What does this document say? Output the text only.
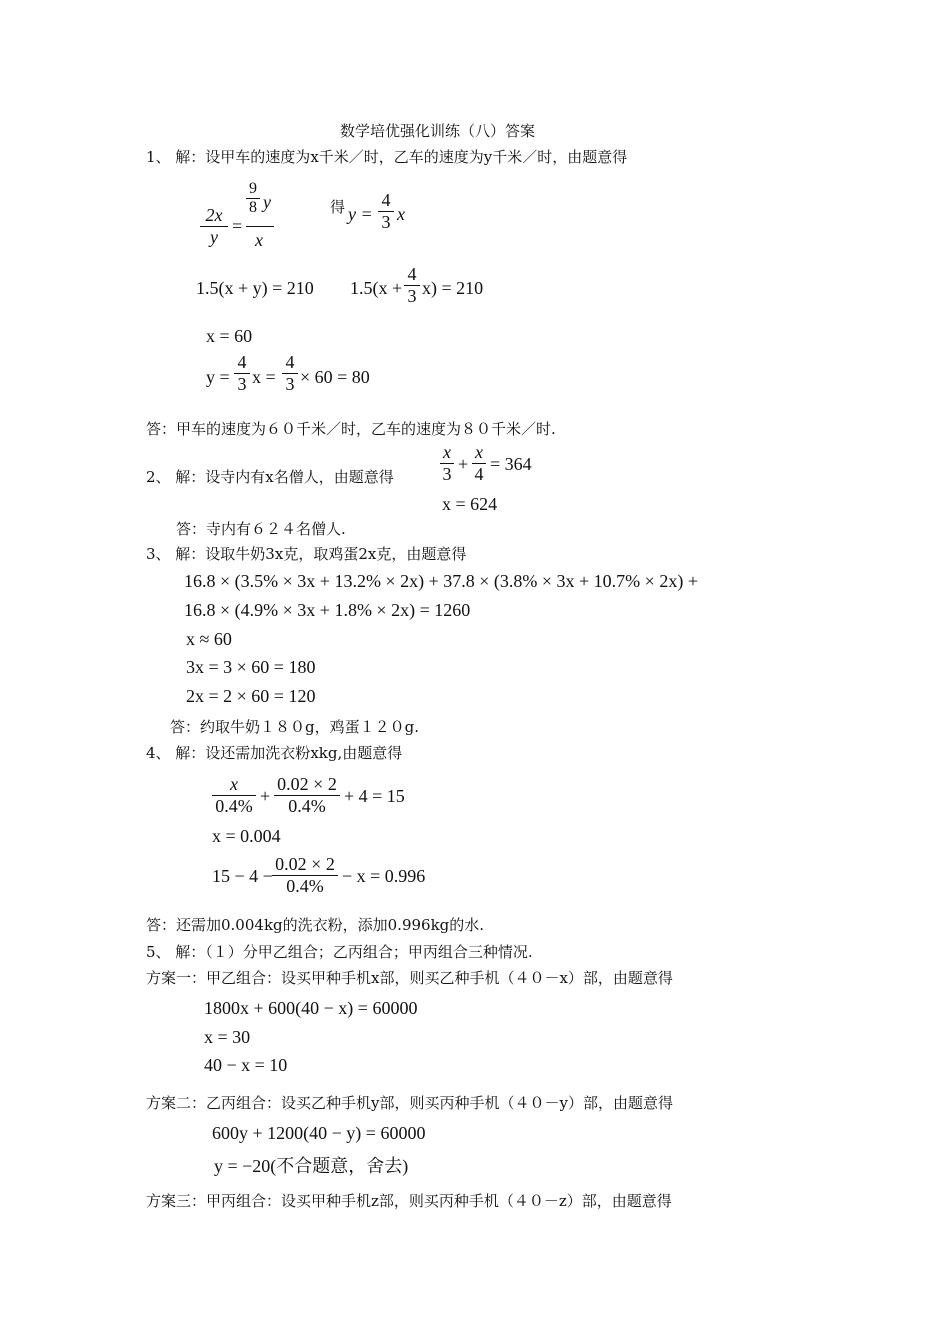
数学培优强化训练（八）答案
1、 解：设甲车的速度为x千米／时，乙车的速度为y千米／时，由题意得
2x
y
=
9
8 y
x
得 y =
4
3 x
1.5(x + y) = 210 1.5(x +
4
3 x) = 210
x = 60
y =
4
3 x =
4
3 × 60 = 80
答：甲车的速度为６０千米／时，乙车的速度为８０千米／时.
2、 解：设寺内有x名僧人，由题意得
x
3 +
x
4 = 364
x = 624
答：寺内有６２４名僧人.
3、 解：设取牛奶3x克，取鸡蛋2x克，由题意得
16.8 × (3.5% × 3x + 13.2% × 2x) + 37.8 × (3.8% × 3x + 10.7% × 2x) +
16.8 × (4.9% × 3x + 1.8% × 2x) = 1260
x ≈ 60
3x = 3 × 60 = 180
2x = 2 × 60 = 120
答：约取牛奶１８０g，鸡蛋１２０g.
4、 解：设还需加洗衣粉xkg,由题意得
x
0.4% +
0.02 × 2
0.4%	+ 4 = 15
x = 0.004
15 − 4 −
0.02 × 2
0.4%	− x = 0.996
答：还需加0.004kg的洗衣粉，添加0.996kg的水.
5、 解：（１）分甲乙组合；乙丙组合；甲丙组合三种情况.
方案一：甲乙组合：设买甲种手机x部，则买乙种手机（４０－x）部，由题意得
1800x + 600(40 − x) = 60000
x = 30
40 − x = 10
方案二：乙丙组合：设买乙种手机y部，则买丙种手机（４０－y）部，由题意得
600y + 1200(40 − y) = 60000
y = −20(不合题意，舍去)
方案三：甲丙组合：设买甲种手机z部，则买丙种手机（４０－z）部，由题意得
